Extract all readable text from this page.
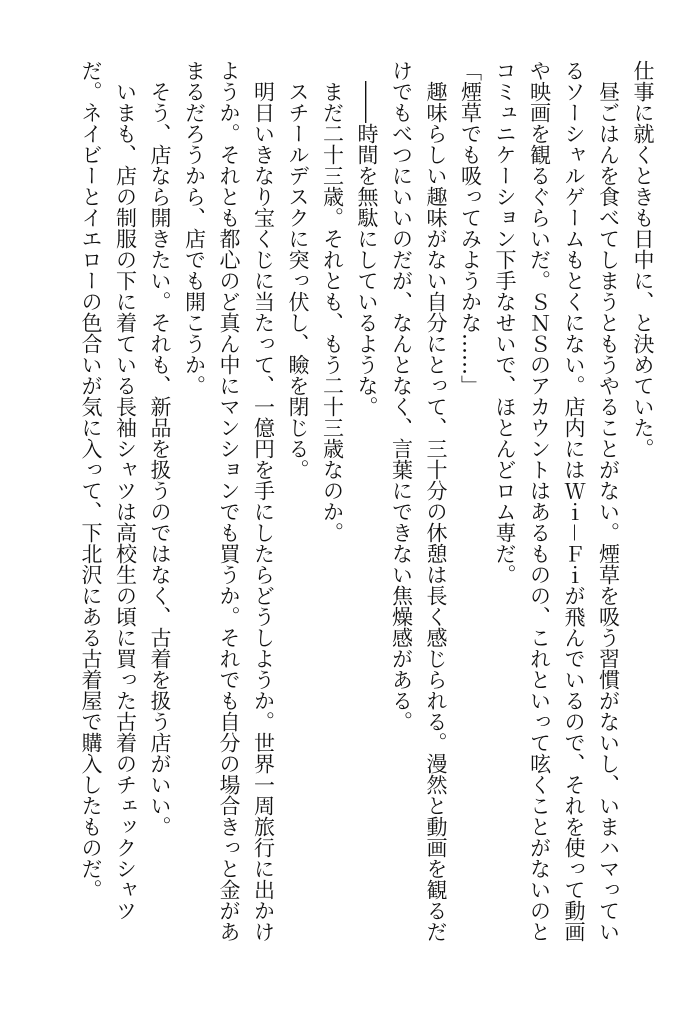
仕事に就くときも日中に、と決めていた。
昼ごはんを食べてしまうともうやることがない。煙草を吸う習慣がないし、いまハマってい
るソーシャルゲームもとくにない。店内にはＷｉ－Ｆｉが飛んでいるので、それを使って動画
や映画を観るぐらいだ。ＳＮＳのアカウントはあるものの、これといって呟くことがないのと
コミュニケーション下手なせいで、ほとんどロム専だ。
「煙草でも吸ってみようかな……」
趣味らしい趣味がない自分にとって、三十分の休憩は長く感じられる。漫然と動画を観るだ
けでもべつにいいのだが、なんとなく、言葉にできない焦燥感がある。
――時間を無駄にしているような。
まだ二十三歳。それとも、もう二十三歳なのか。
スチールデスクに突っ伏し、瞼を閉じる。
明日いきなり宝くじに当たって、一億円を手にしたらどうしようか。世界一周旅行に出かけ
ようか。それとも都心のど真ん中にマンションでも買うか。それでも自分の場合きっと金があ
まるだろうから、店でも開こうか。
そう、店なら開きたい。それも、新品を扱うのではなく、古着を扱う店がいい。
いまも、店の制服の下に着ている長袖シャツは高校生の頃に買った古着のチェックシャツ
だ。ネイビーとイエローの色合いが気に入って、下北沢にある古着屋で購入したものだ。
